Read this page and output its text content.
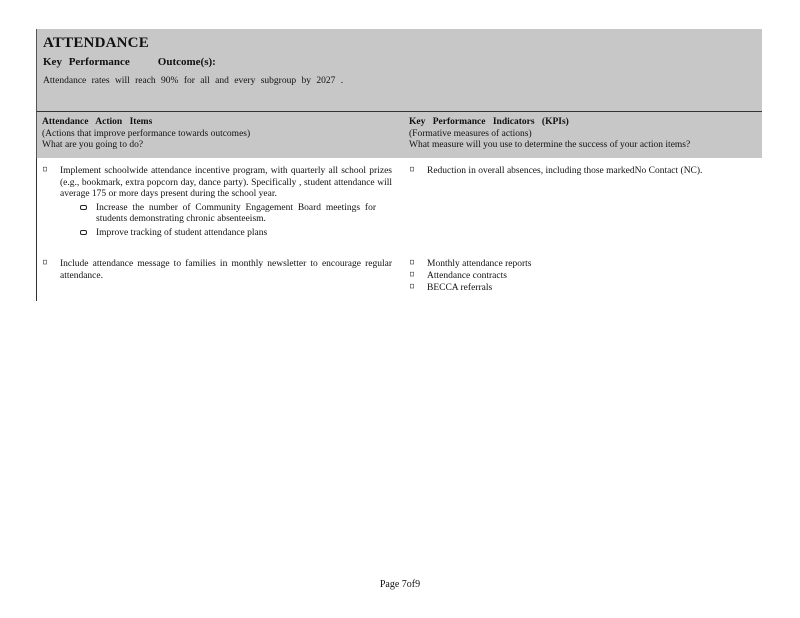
ATTENDANCE
Key Performance	Outcome(s):
Attendance rates will reach 90% for all and every subgroup by 2027 .
Attendance Action Items
(Actions that improve performance towards outcomes)
What are you going to do?
Key Performance Indicators (KPIs)
(Formative measures of actions)
What measure will you use to determine the success of your action items?
Implement schoolwide attendance incentive program, with quarterly all school prizes (e.g., bookmark, extra popcorn day, dance party). Specifically , student attendance will average 175 or more days present during the school year.
Increase the number of Community Engagement Board meetings for students demonstrating chronic absenteeism.
Improve tracking of student attendance plans
Include attendance message to families in monthly newsletter to encourage regular attendance.
Reduction in overall absences, including those markedNo Contact (NC).
Monthly attendance reports
Attendance contracts
BECCA referrals
Page 7of9
